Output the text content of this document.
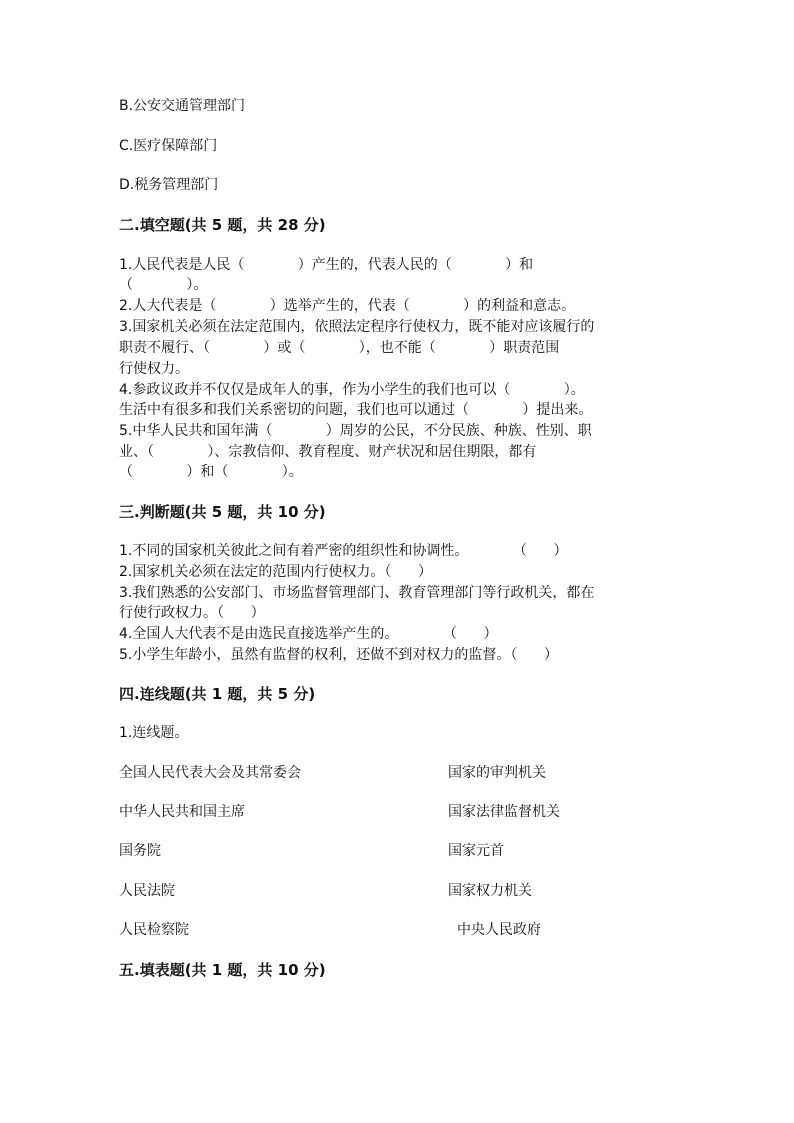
B.公安交通管理部门
C.医疗保障部门
D.税务管理部门
二.填空题(共 5 题，共 28 分)
1.人民代表是人民（            ）产生的，代表人民的（            ）和
（            ）。
2.人大代表是（            ）选举产生的，代表（            ）的利益和意志。
3.国家机关必须在法定范围内，依照法定程序行使权力，既不能对应该履行的
职责不履行、（            ）或（            ），也不能（            ）职责范围
行使权力。
4.参政议政并不仅仅是成年人的事，作为小学生的我们也可以（            ）。
生活中有很多和我们关系密切的问题，我们也可以通过（            ）提出来。
5.中华人民共和国年满（            ）周岁的公民，不分民族、种族、性别、职
业、（            ）、宗教信仰、教育程度、财产状况和居住期限，都有
（            ）和（            ）。
三.判断题(共 5 题，共 10 分)
1.不同的国家机关彼此之间有着严密的组织性和协调性。          （      ）
2.国家机关必须在法定的范围内行使权力。（      ）
3.我们熟悉的公安部门、市场监督管理部门、教育管理部门等行政机关，都在
行使行政权力。（      ）
4.全国人大代表不是由选民直接选举产生的。          （      ）
5.小学生年龄小，虽然有监督的权利，还做不到对权力的监督。（      ）
四.连线题(共 1 题，共 5 分)
1.连线题。
全国人民代表大会及其常委会	国家的审判机关
中华人民共和国主席	国家法律监督机关
国务院	国家元首
人民法院	国家权力机关
人民检察院	中央人民政府
五.填表题(共 1 题，共 10 分)
